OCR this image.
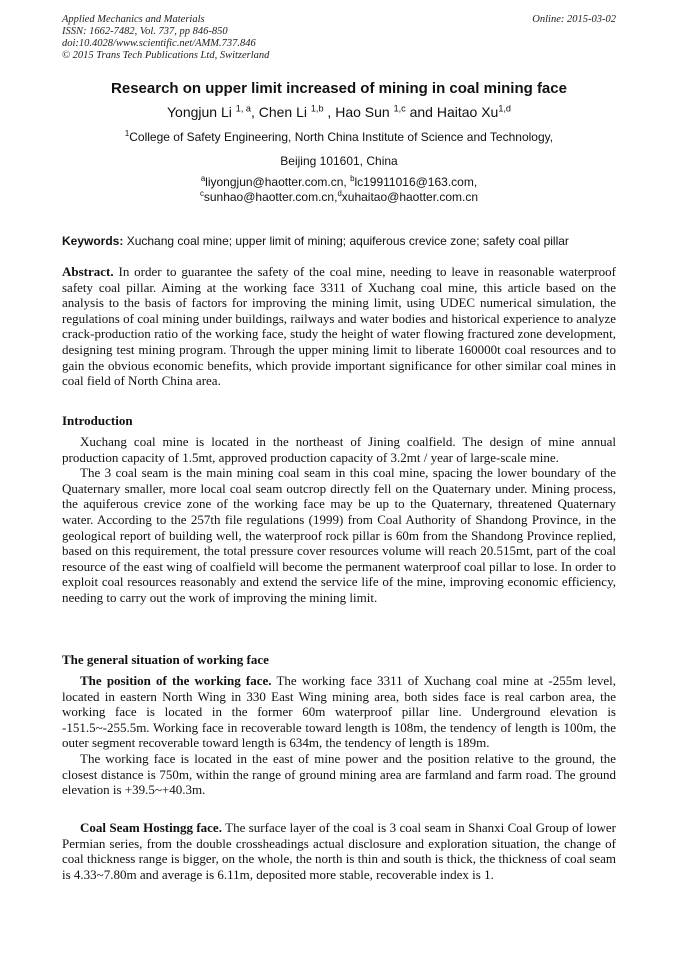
Applied Mechanics and Materials
ISSN: 1662-7482, Vol. 737, pp 846-850
doi:10.4028/www.scientific.net/AMM.737.846
© 2015 Trans Tech Publications Ltd, Switzerland
Online: 2015-03-02
Research on upper limit increased of mining in coal mining face
Yongjun Li $^{1, a}$, Chen Li $^{1,b}$ , Hao Sun $^{1,c}$ and Haitao Xu$^{1,d}$
$^1$College of Safety Engineering, North China Institute of Science and Technology,
Beijing 101601, China
$^a$liyongjun@haotter.com.cn, $^b$lc19911016@163.com,
$^c$sunhao@haotter.com.cn,$^d$xuhaitao@haotter.com.cn
Keywords: Xuchang coal mine; upper limit of mining; aquiferous crevice zone; safety coal pillar

Abstract. In order to guarantee the safety of the coal mine, needing to leave in reasonable waterproof safety coal pillar. Aiming at the working face 3311 of Xuchang coal mine, this article based on the analysis to the basis of factors for improving the mining limit, using UDEC numerical simulation, the regulations of coal mining under buildings, railways and water bodies and historical experience to analyze crack-production ratio of the working face, study the height of water flowing fractured zone development, designing test mining program. Through the upper mining limit to liberate 160000t coal resources and to gain the obvious economic benefits, which provide important significance for other similar coal mines in coal field of North China area.

Introduction

Xuchang coal mine is located in the northeast of Jining coalfield. The design of mine annual production capacity of 1.5mt, approved production capacity of 3.2mt / year of large-scale mine.

The 3 coal seam is the main mining coal seam in this coal mine, spacing the lower boundary of the Quaternary smaller, more local coal seam outcrop directly fell on the Quaternary under. Mining process, the aquiferous crevice zone of the working face may be up to the Quaternary, threatened Quaternary water. According to the 257th file regulations (1999) from Coal Authority of Shandong Province, in the geological report of building well, the waterproof rock pillar is 60m from the Shandong Province replied, based on this requirement, the total pressure cover resources volume will reach 20.515mt, part of the coal resource of the east wing of coalfield will become the permanent waterproof coal pillar to lose. In order to exploit coal resources reasonably and extend the service life of the mine, improving economic efficiency, needing to carry out the work of improving the mining limit.

The general situation of working face

The position of the working face. The working face 3311 of Xuchang coal mine at -255m level, located in eastern North Wing in 330 East Wing mining area, both sides face is real carbon area, the working face is located in the former 60m waterproof pillar line. Underground elevation is -151.5~-255.5m. Working face in recoverable toward length is 108m, the tendency of length is 100m, the outer segment recoverable toward length is 634m, the tendency of length is 189m.

The working face is located in the east of mine power and the position relative to the ground, the closest distance is 750m, within the range of ground mining area are farmland and farm road. The ground elevation is +39.5~+40.3m.

Coal Seam Hostingg face. The surface layer of the coal is 3 coal seam in Shanxi Coal Group of lower Permian series, from the double crossheadings actual disclosure and exploration situation, the change of coal thickness range is bigger, on the whole, the north is thin and south is thick, the thickness of coal seam is 4.33~7.80m and average is 6.11m, deposited more stable, recoverable index is 1.
